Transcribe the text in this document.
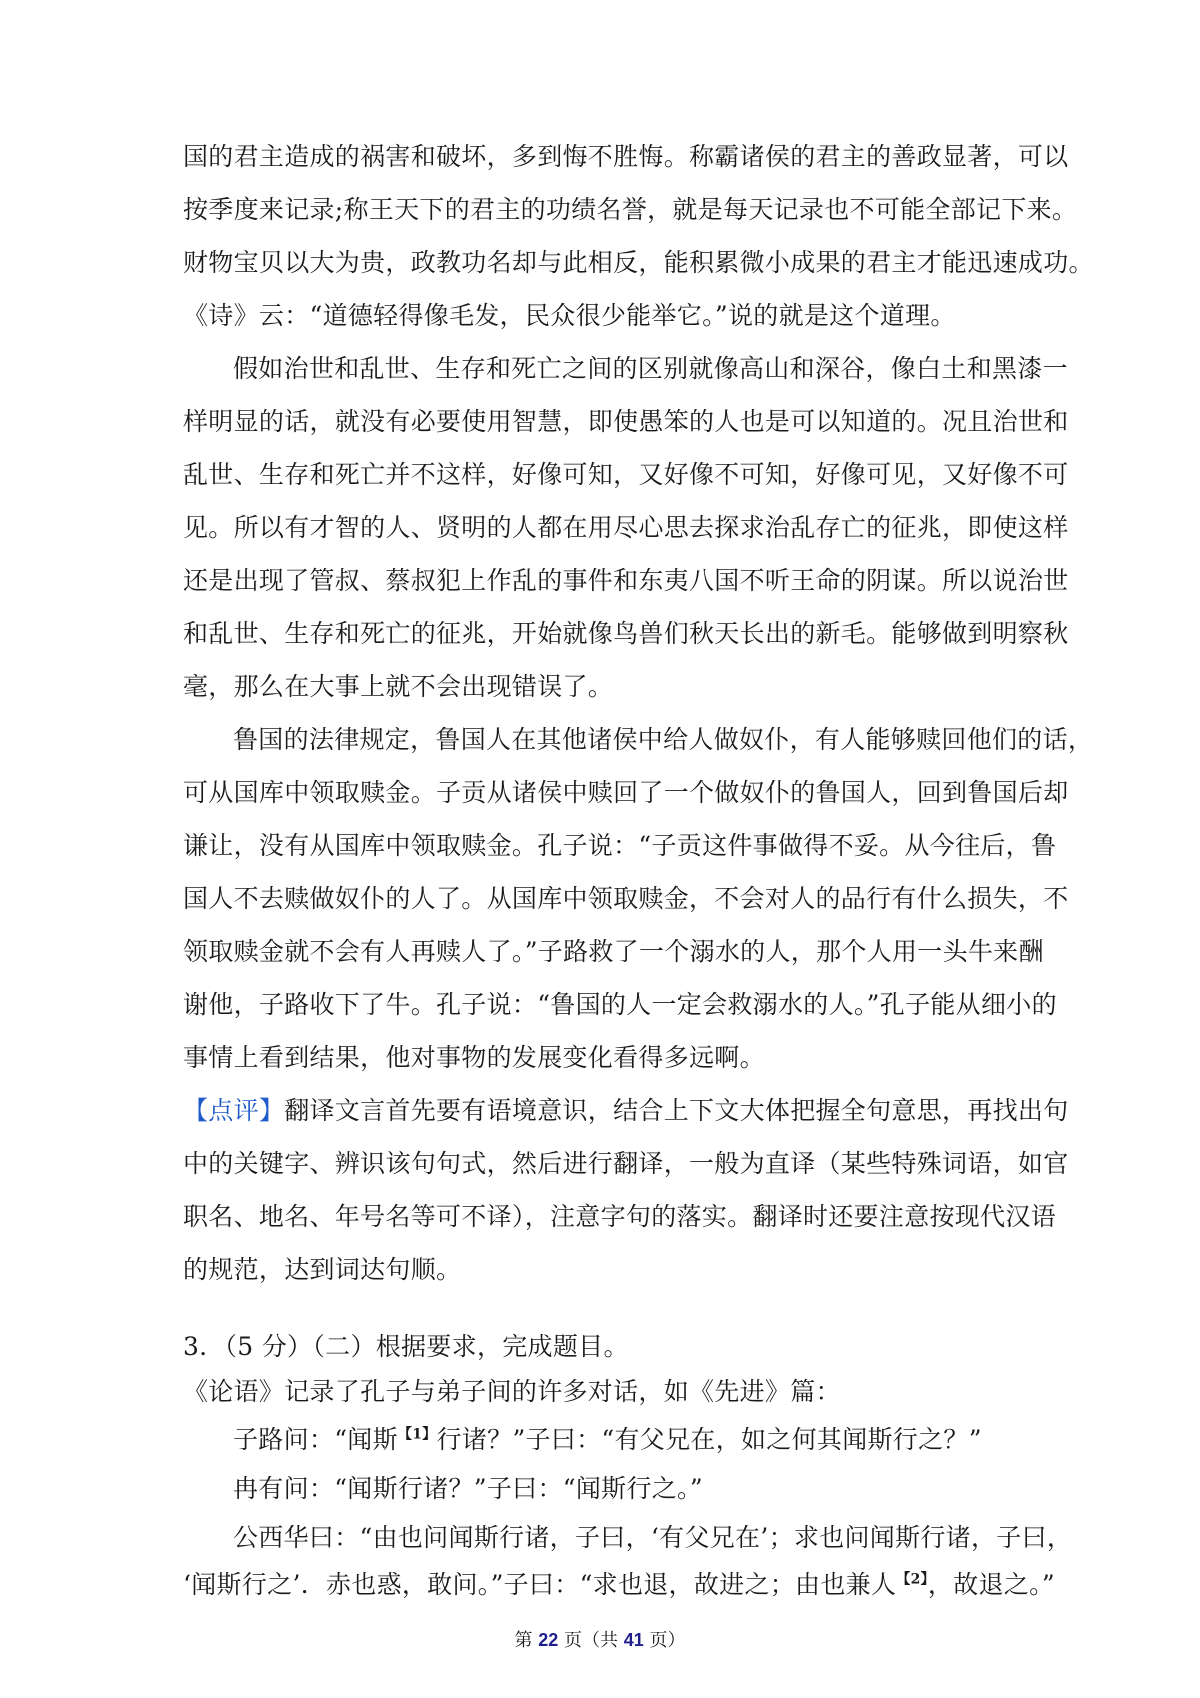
国的君主造成的祸害和破坏，多到悔不胜悔。称霸诸侯的君主的善政显著，可以
按季度来记录;称王天下的君主的功绩名誉，就是每天记录也不可能全部记下来。
财物宝贝以大为贵，政教功名却与此相反，能积累微小成果的君主才能迅速成功。
《诗》云：“道德轻得像毛发，民众很少能举它。”说的就是这个道理。
假如治世和乱世、生存和死亡之间的区别就像高山和深谷，像白土和黑漆一
样明显的话，就没有必要使用智慧，即使愚笨的人也是可以知道的。况且治世和
乱世、生存和死亡并不这样，好像可知，又好像不可知，好像可见，又好像不可
见。所以有才智的人、贤明的人都在用尽心思去探求治乱存亡的征兆，即使这样
还是出现了管叔、蔡叔犯上作乱的事件和东夷八国不听王命的阴谋。所以说治世
和乱世、生存和死亡的征兆，开始就像鸟兽们秋天长出的新毛。能够做到明察秋
毫，那么在大事上就不会出现错误了。
鲁国的法律规定，鲁国人在其他诸侯中给人做奴仆，有人能够赎回他们的话，
可从国库中领取赎金。子贡从诸侯中赎回了一个做奴仆的鲁国人，回到鲁国后却
谦让，没有从国库中领取赎金。孔子说：“子贡这件事做得不妥。从今往后，鲁
国人不去赎做奴仆的人了。从国库中领取赎金，不会对人的品行有什么损失，不
领取赎金就不会有人再赎人了。”子路救了一个溺水的人，那个人用一头牛来酬
谢他，子路收下了牛。孔子说：“鲁国的人一定会救溺水的人。”孔子能从细小的
事情上看到结果，他对事物的发展变化看得多远啊。
【点评】翻译文言首先要有语境意识，结合上下文大体把握全句意思，再找出句
中的关键字、辨识该句句式，然后进行翻译，一般为直译（某些特殊词语，如官
职名、地名、年号名等可不译），注意字句的落实。翻译时还要注意按现代汉语
的规范，达到词达句顺。
3．（5 分）（二）根据要求，完成题目。
《论语》记录了孔子与弟子间的许多对话，如《先进》篇：
子路问：“闻斯$^{【1】}$行诸？”子曰：“有父兄在，如之何其闻斯行之？”
冉有问：“闻斯行诸？”子曰：“闻斯行之。”
公西华曰：“由也问闻斯行诸，子曰，‘有父兄在’；求也问闻斯行诸，子曰，
‘闻斯行之’．赤也惑，敢问。”子曰：“求也退，故进之；由也兼人$^{【2】}$，故退之。”
第 22 页（共 41 页）
